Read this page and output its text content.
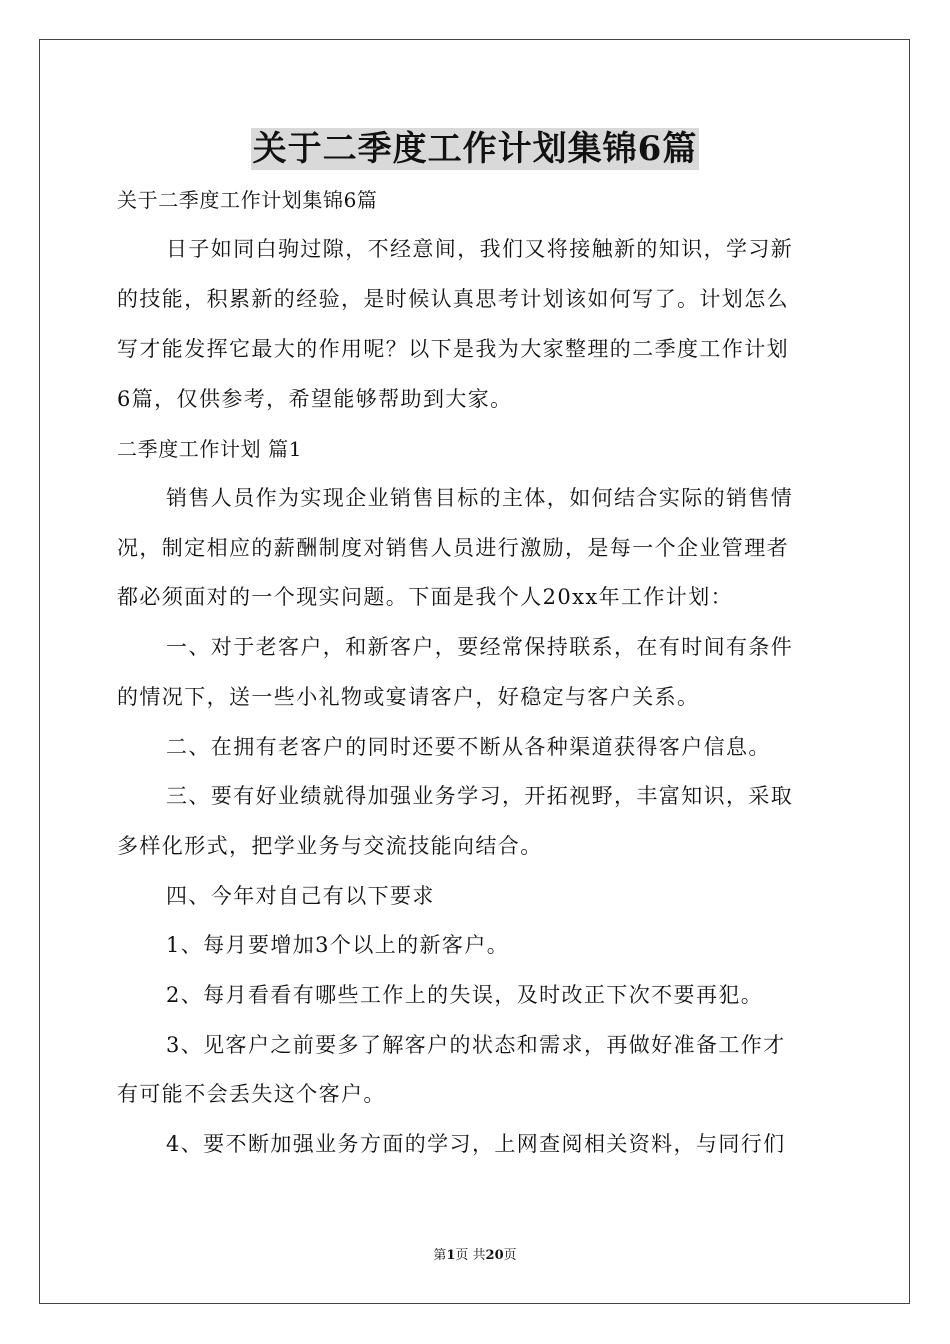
关于二季度工作计划集锦6篇

关于二季度工作计划集锦6篇

日子如同白驹过隙，不经意间，我们又将接触新的知识，学习新

的技能，积累新的经验，是时候认真思考计划该如何写了。计划怎么

写才能发挥它最大的作用呢？以下是我为大家整理的二季度工作计划

6篇，仅供参考，希望能够帮助到大家。

二季度工作计划 篇1

销售人员作为实现企业销售目标的主体，如何结合实际的销售情

况，制定相应的薪酬制度对销售人员进行激励，是每一个企业管理者

都必须面对的一个现实问题。下面是我个人20xx年工作计划：

一、对于老客户，和新客户，要经常保持联系，在有时间有条件

的情况下，送一些小礼物或宴请客户，好稳定与客户关系。

二、在拥有老客户的同时还要不断从各种渠道获得客户信息。

三、要有好业绩就得加强业务学习，开拓视野，丰富知识，采取

多样化形式，把学业务与交流技能向结合。

四、今年对自己有以下要求

1、每月要增加3个以上的新客户。

2、每月看看有哪些工作上的失误，及时改正下次不要再犯。

3、见客户之前要多了解客户的状态和需求，再做好准备工作才

有可能不会丢失这个客户。

4、要不断加强业务方面的学习，上网查阅相关资料，与同行们

第1页 共20页
